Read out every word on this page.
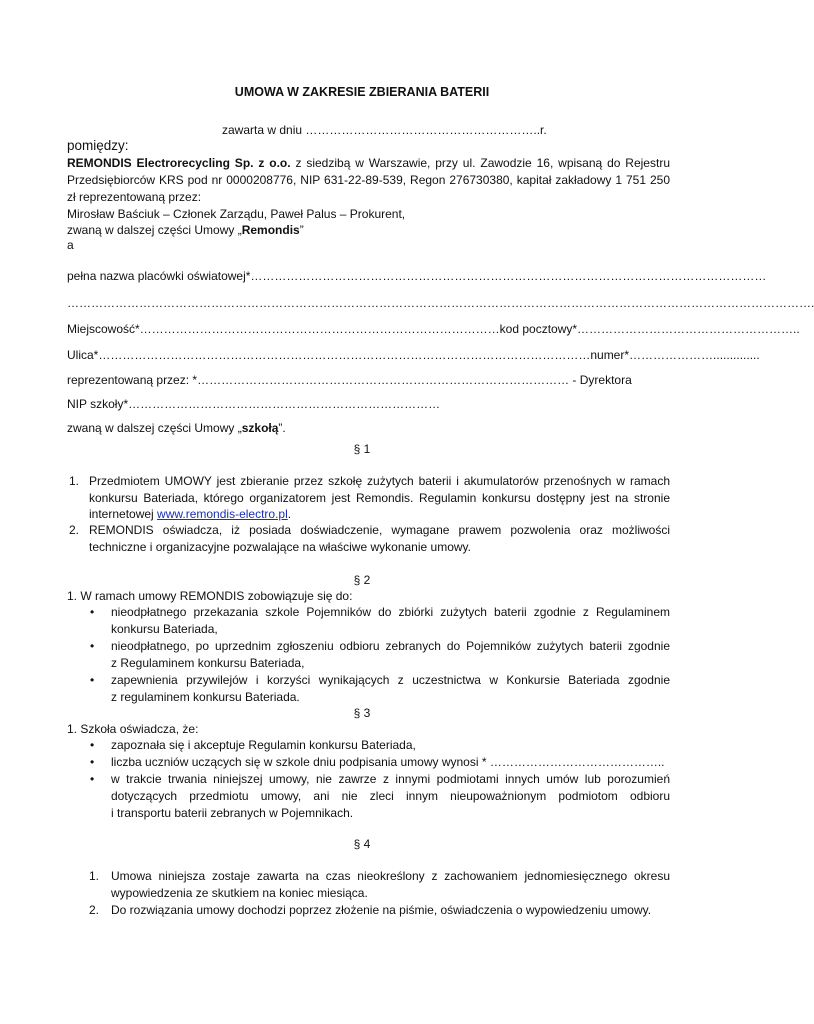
UMOWA W ZAKRESIE ZBIERANIA BATERII
zawarta w dniu …………………………………………………..r.
pomiędzy:
REMONDIS Electrorecycling Sp. z o.o. z siedzibą w Warszawie, przy ul. Zawodzie 16, wpisaną do Rejestru
Przedsiębiorców KRS pod nr 0000208776, NIP 631-22-89-539, Regon 276730380, kapitał zakładowy 1 751 250
zł reprezentowaną przez:
Mirosław Baściuk – Członek Zarządu, Paweł Palus – Prokurent,
zwaną w dalszej części Umowy „Remondis”
a
pełna nazwa placówki oświatowej*…………………………………………………………………………………………………………………
…………………………………………………………………………………………………………………………………………………………………….
Miejscowość*………………………………………………………………………………kod pocztowy*………………………………………………..
Ulica*……………………………………………………………………………………………………………numer*…………………..............
reprezentowaną przez: *………………………………………………………………………………… - Dyrektora
NIP szkoły*……………………………………………………………………
zwaną w dalszej części Umowy „szkołą”.
§ 1
1. Przedmiotem UMOWY jest zbieranie przez szkołę zużytych baterii i akumulatorów przenośnych w ramach
konkursu Bateriada, którego organizatorem jest Remondis. Regulamin konkursu dostępny jest na stronie
internetowej www.remondis-electro.pl.
2. REMONDIS oświadcza, iż posiada doświadczenie, wymagane prawem pozwolenia oraz możliwości
techniczne i organizacyjne pozwalające na właściwe wykonanie umowy.
§ 2
1. W ramach umowy REMONDIS zobowiązuje się do:
• nieodpłatnego przekazania szkole Pojemników do zbiórki zużytych baterii zgodnie z Regulaminem
konkursu Bateriada,
• nieodpłatnego, po uprzednim zgłoszeniu odbioru zebranych do Pojemników zużytych baterii zgodnie
z Regulaminem konkursu Bateriada,
• zapewnienia przywilejów i korzyści wynikających z uczestnictwa w Konkursie Bateriada zgodnie
z regulaminem konkursu Bateriada.
§ 3
1. Szkoła oświadcza, że:
• zapoznała się i akceptuje Regulamin konkursu Bateriada,
• liczba uczniów uczących się w szkole dniu podpisania umowy wynosi * ……………………………………..
• w trakcie trwania niniejszej umowy, nie zawrze z innymi podmiotami innych umów lub porozumień
dotyczących przedmiotu umowy, ani nie zleci innym nieupoważnionym podmiotom odbioru
i transportu baterii zebranych w Pojemnikach.
§ 4
1. Umowa niniejsza zostaje zawarta na czas nieokreślony z zachowaniem jednomiesięcznego okresu
wypowiedzenia ze skutkiem na koniec miesiąca.
2. Do rozwiązania umowy dochodzi poprzez złożenie na piśmie, oświadczenia o wypowiedzeniu umowy.
